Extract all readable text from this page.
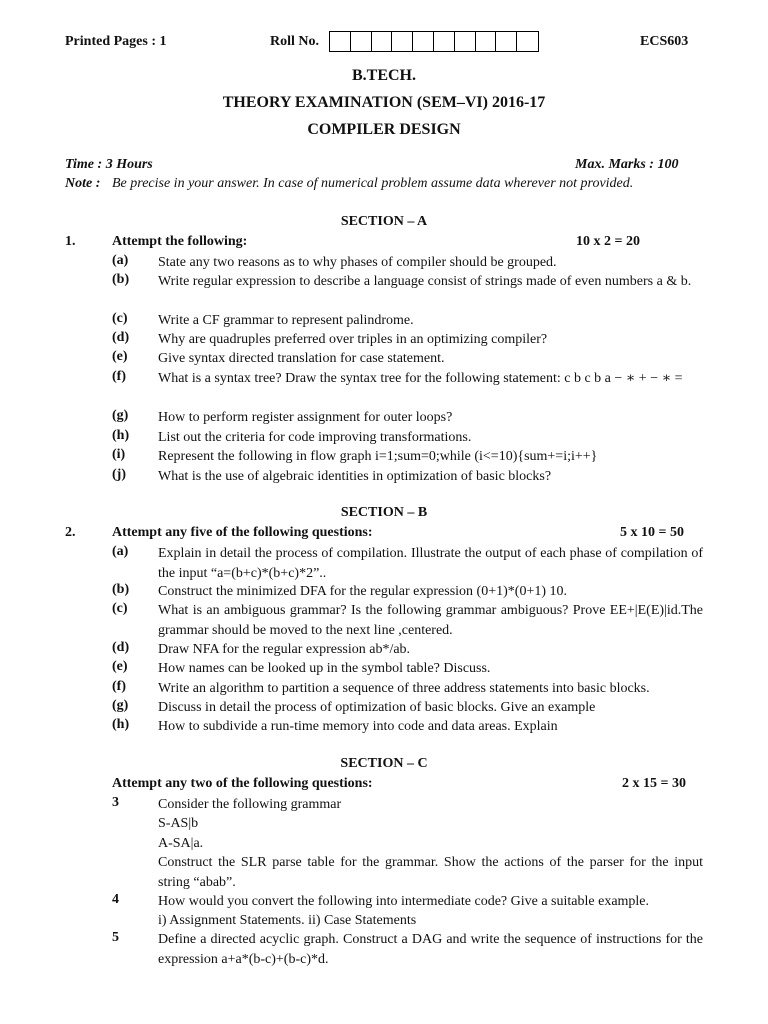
Printed Pages : 1	Roll No.	ECS603
B.TECH.
THEORY EXAMINATION (SEM–VI) 2016-17
COMPILER DESIGN
Time : 3 Hours	Max. Marks : 100
Note : Be precise in your answer. In case of numerical problem assume data wherever not provided.
SECTION – A
1.	Attempt the following:	10 x 2 = 20
(a) State any two reasons as to why phases of compiler should be grouped.
(b) Write regular expression to describe a language consist of strings made of even numbers a & b.
(c) Write a CF grammar to represent palindrome.
(d) Why are quadruples preferred over triples in an optimizing compiler?
(e) Give syntax directed translation for case statement.
(f) What is a syntax tree? Draw the syntax tree for the following statement: c b c b a − ∗ + − ∗ =
(g) How to perform register assignment for outer loops?
(h) List out the criteria for code improving transformations.
(i) Represent the following in flow graph i=1;sum=0;while (i<=10){sum+=i;i++}
(j) What is the use of algebraic identities in optimization of basic blocks?
SECTION – B
2.	Attempt any five of the following questions:	5 x 10 = 50
(a) Explain in detail the process of compilation. Illustrate the output of each phase of compilation of the input “a=(b+c)*(b+c)*2”..
(b) Construct the minimized DFA for the regular expression (0+1)*(0+1) 10.
(c) What is an ambiguous grammar? Is the following grammar ambiguous? Prove EE+|E(E)|id.The grammar should be moved to the next line ,centered.
(d) Draw NFA for the regular expression ab*/ab.
(e) How names can be looked up in the symbol table? Discuss.
(f) Write an algorithm to partition a sequence of three address statements into basic blocks.
(g) Discuss in detail the process of optimization of basic blocks. Give an example
(h) How to subdivide a run-time memory into code and data areas. Explain
SECTION – C
Attempt any two of the following questions:	2 x 15 = 30
3	Consider the following grammar
S-AS|b
A-SA|a.
Construct the SLR parse table for the grammar. Show the actions of the parser for the input string “abab”.
4	How would you convert the following into intermediate code? Give a suitable example.
i) Assignment Statements. ii) Case Statements
5	Define a directed acyclic graph. Construct a DAG and write the sequence of instructions for the expression a+a*(b-c)+(b-c)*d.
